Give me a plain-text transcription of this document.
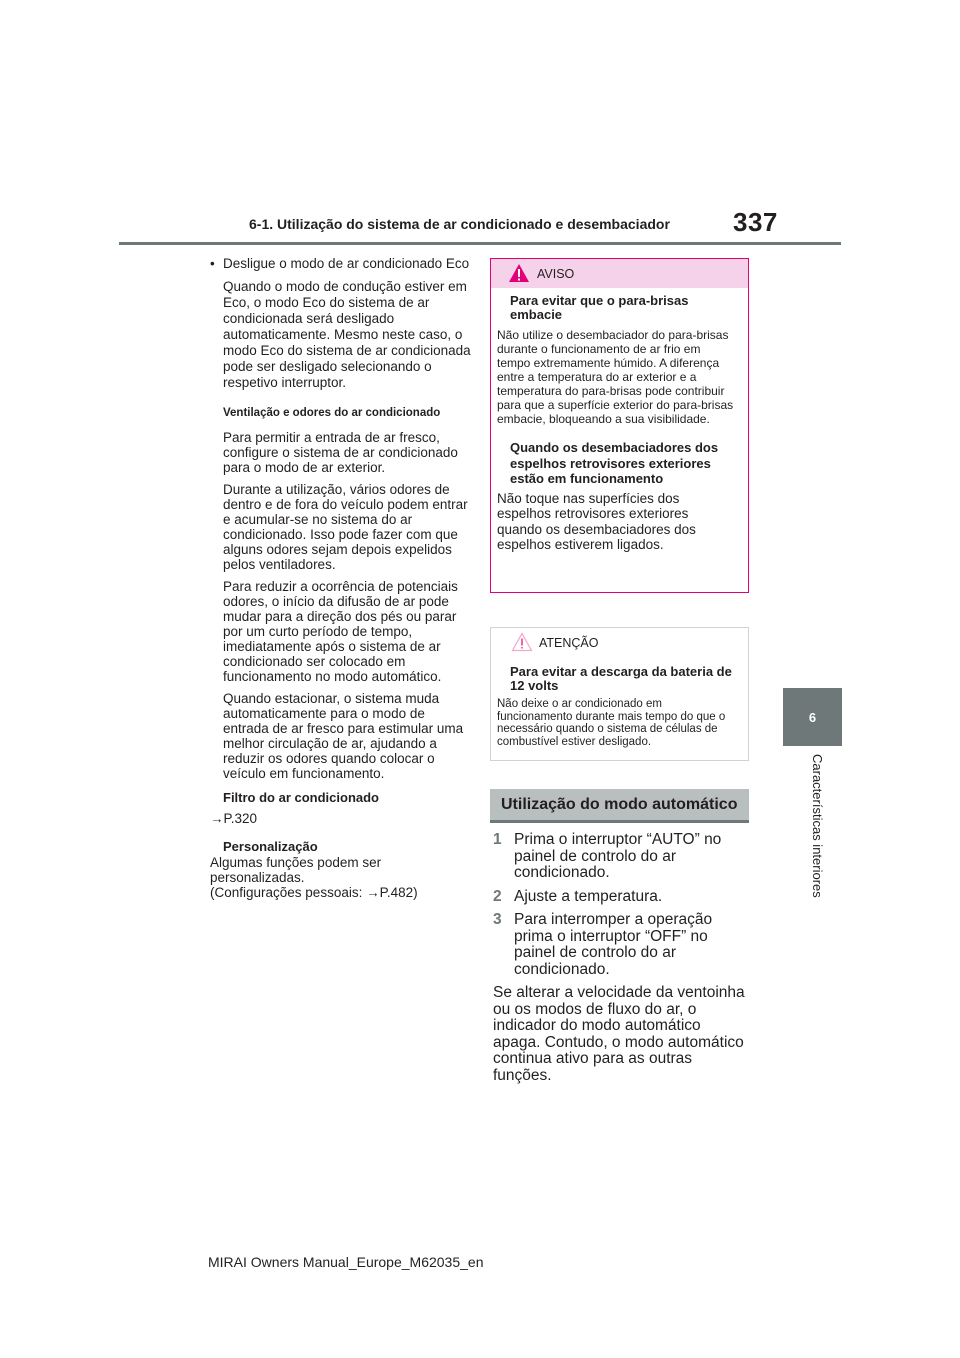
6-1. Utilização do sistema de ar condicionado e desembaciador 337
6
Características interiores
• Desligue o modo de ar condicionado Eco

Quando o modo de condução estiver em Eco, o modo Eco do sistema de ar condicionada será desligado automaticamente. Mesmo neste caso, o modo Eco do sistema de ar condicionada pode ser desligado selecionando o respetivo interruptor.

Ventilação e odores do ar condicionado

Para permitir a entrada de ar fresco, configure o sistema de ar condicionado para o modo de ar exterior.

Durante a utilização, vários odores de dentro e de fora do veículo podem entrar e acumular-se no sistema do ar condicionado. Isso pode fazer com que alguns odores sejam depois expelidos pelos ventiladores.

Para reduzir a ocorrência de potenciais odores, o início da difusão de ar pode mudar para a direção dos pés ou parar por um curto período de tempo, imediatamente após o sistema de ar condicionado ser colocado em funcionamento no modo automático.

Quando estacionar, o sistema muda automaticamente para o modo de entrada de ar fresco para estimular uma melhor circulação de ar, ajudando a reduzir os odores quando colocar o veículo em funcionamento.

Filtro do ar condicionado

→P.320

Personalização

Algumas funções podem ser personalizadas.

(Configurações pessoais: →P.482)

AVISO

Para evitar que o para-brisas embacie

Não utilize o desembaciador do para-brisas durante o funcionamento de ar frio em tempo extremamente húmido. A diferença entre a temperatura do ar exterior e a temperatura do para-brisas pode contribuir para que a superfície exterior do para-brisas embacie, bloqueando a sua visibilidade.

Quando os desembaciadores dos espelhos retrovisores exteriores estão em funcionamento

Não toque nas superfícies dos espelhos retrovisores exteriores quando os desembaciadores dos espelhos estiverem ligados.

ATENÇÃO

Para evitar a descarga da bateria de 12 volts

Não deixe o ar condicionado em funcionamento durante mais tempo do que o necessário quando o sistema de células de combustível estiver desligado.

Utilização do modo automático
1 Prima o interruptor “AUTO” no painel de controlo do ar condicionado.
2 Ajuste a temperatura.
3 Para interromper a operação prima o interruptor “OFF” no painel de controlo do ar condicionado.

Se alterar a velocidade da ventoinha ou os modos de fluxo do ar, o indicador do modo automático apaga. Contudo, o modo automático continua ativo para as outras funções.

MIRAI Owners Manual_Europe_M62035_en
